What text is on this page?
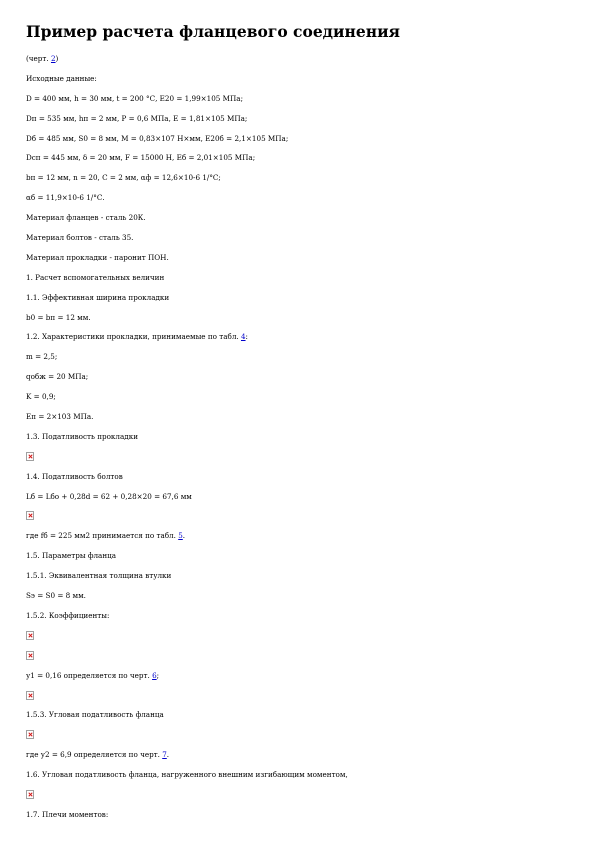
Пример расчета фланцевого соединения
(черт. 2)
Исходные данные:
D = 400 мм, h = 30 мм, t = 200 °С, E20 = 1,99×105 МПа;
Dп = 535 мм, hп = 2 мм, P = 0,6 МПа, E = 1,81×105 МПа;
Dб = 485 мм, S0 = 8 мм, M = 0,83×107 Н×мм, E20б = 2,1×105 МПа;
Dсп = 445 мм, δ = 20 мм, F = 15000 Н, Eб = 2,01×105 МПа;
bп = 12 мм, n = 20, C = 2 мм, αф = 12,6×10-6 1/°С;
αб = 11,9×10-6 1/°С.
Материал фланцев - сталь 20К.
Материал болтов - сталь 35.
Материал прокладки - паронит ПОН.
1. Расчет вспомогательных величин
1.1. Эффективная ширина прокладки
b0 = bп = 12 мм.
1.2. Характеристики прокладки, принимаемые по табл. 4:
m = 2,5;
qобж = 20 МПа;
K = 0,9;
Eп = 2×103 МПа.
1.3. Податливость прокладки
1.4. Податливость болтов
Lб = Lбо + 0,28d = 62 + 0,28×20 = 67,6 мм
где fб = 225 мм2 принимается по табл. 5.
1.5. Параметры фланца
1.5.1. Эквивалентная толщина втулки
Sэ = S0 = 8 мм.
1.5.2. Коэффициенты:
у1 = 0,16 определяется по черт. 6;
1.5.3. Угловая податливость фланца
где у2 = 6,9 определяется по черт. 7.
1.6. Угловая податливость фланца, нагруженного внешним изгибающим моментом,
1.7. Плечи моментов:
